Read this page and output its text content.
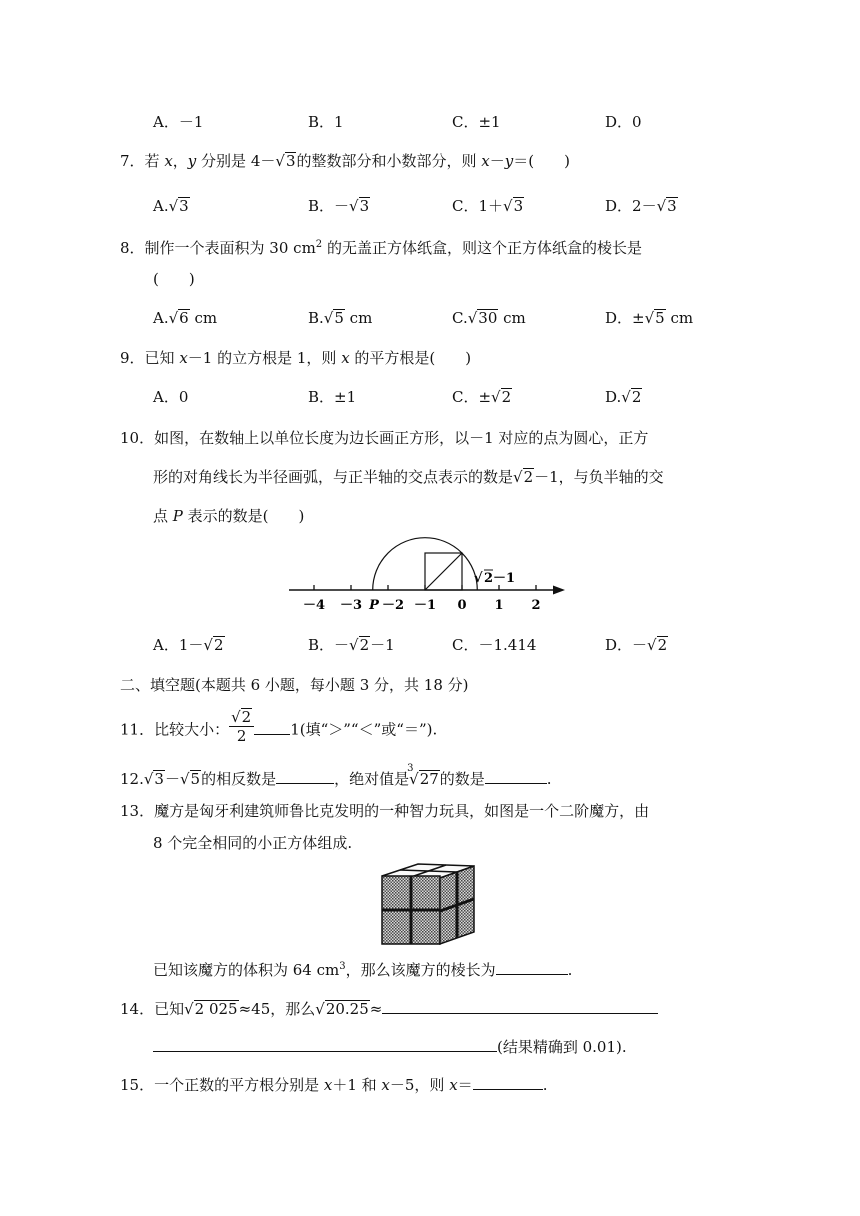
A．－1	B．1	C．±1	D．0
7．若 x，y 分别是 4－√3的整数部分和小数部分，则 x－y＝(　　)
A.√3	B．－√3	C．1＋√3	D．2－√3
8．制作一个表面积为 30 $cm^2$ 的无盖正方体纸盒，则这个正方体纸盒的棱长是
(　　)
A.√6 cm	B.√5 cm	C.√30 cm	D．±√5 cm
9．已知 x－1 的立方根是 1，则 x 的平方根是(　　)
A．0	B．±1	C．±√2	D.√2
10．如图，在数轴上以单位长度为边长画正方形，以－1 对应的点为圆心，正方
形的对角线长为半径画弧，与正半轴的交点表示的数是√2－1，与负半轴的交
点 P 表示的数是(　　)
√ 2 －1
－4 －3 P －2 －1 0 1 2
A．1－√2	B．－√2－1	C．－1.414	D．－√2
二、填空题(本题共 6 小题，每小题 3 分，共 18 分)
11．比较大小： $\frac{√2}{2} 1$(填“＞”“＜”或“＝”).
12.√3－√5的相反数是	，绝对值是
3
√27的数是	.
13．魔方是匈牙利建筑师鲁比克发明的一种智力玩具，如图是一个二阶魔方，由
8 个完全相同的小正方体组成.
已知该魔方的体积为 64 $cm^3$，那么该魔方的棱长为	.
14．已知√2 025≈45，那么√20.25≈
(结果精确到 0.01).
15．一个正数的平方根分别是 x＋1 和 x－5，则 x＝	.
